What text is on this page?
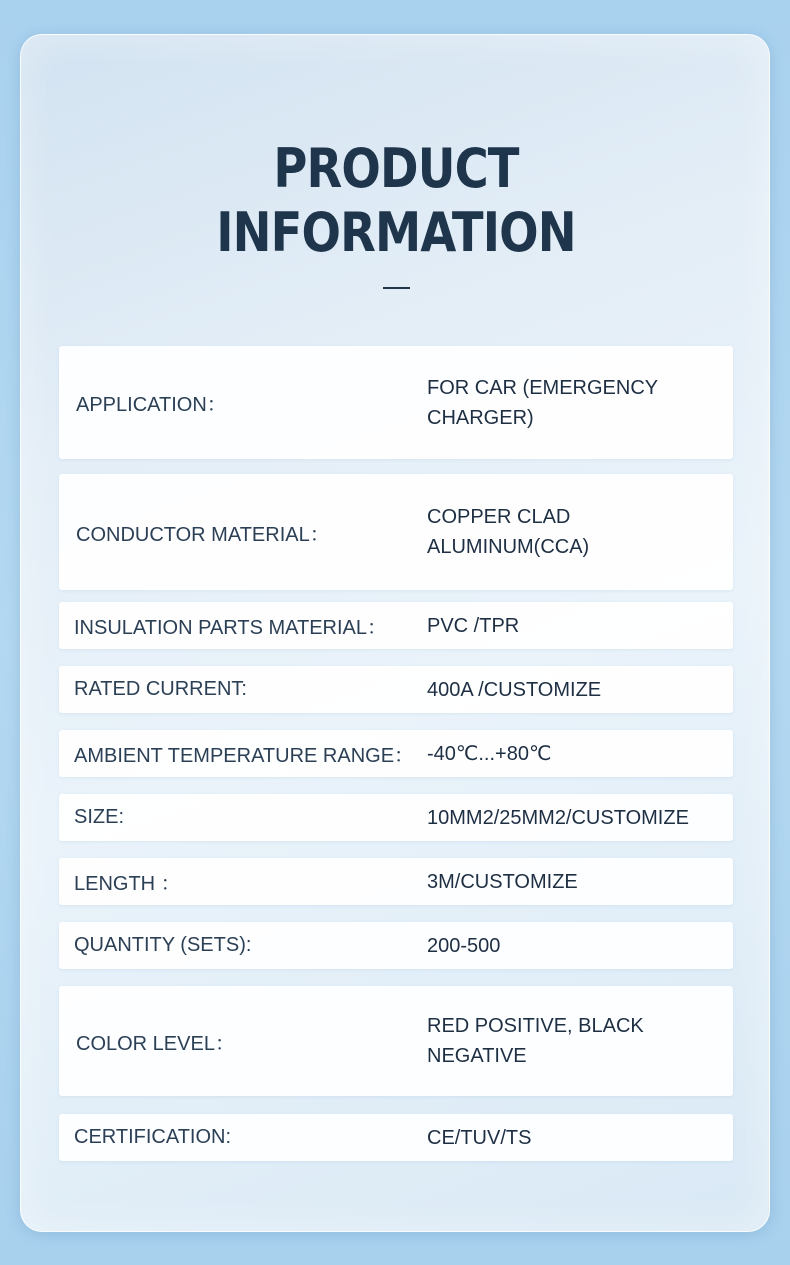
PRODUCT
INFORMATION
APPLICATION：
FOR CAR (EMERGENCY CHARGER)
CONDUCTOR MATERIAL：
COPPER CLAD ALUMINUM(CCA)
INSULATION PARTS MATERIAL： PVC /TPR
RATED CURRENT:	400A /CUSTOMIZE
AMBIENT TEMPERATURE RANGE： -40℃...+80℃
SIZE:	10MM2/25MM2/CUSTOMIZE
LENGTH ：	3M/CUSTOMIZE
QUANTITY (SETS):	200-500
COLOR LEVEL：
RED POSITIVE, BLACK NEGATIVE
CERTIFICATION:	CE/TUV/TS
